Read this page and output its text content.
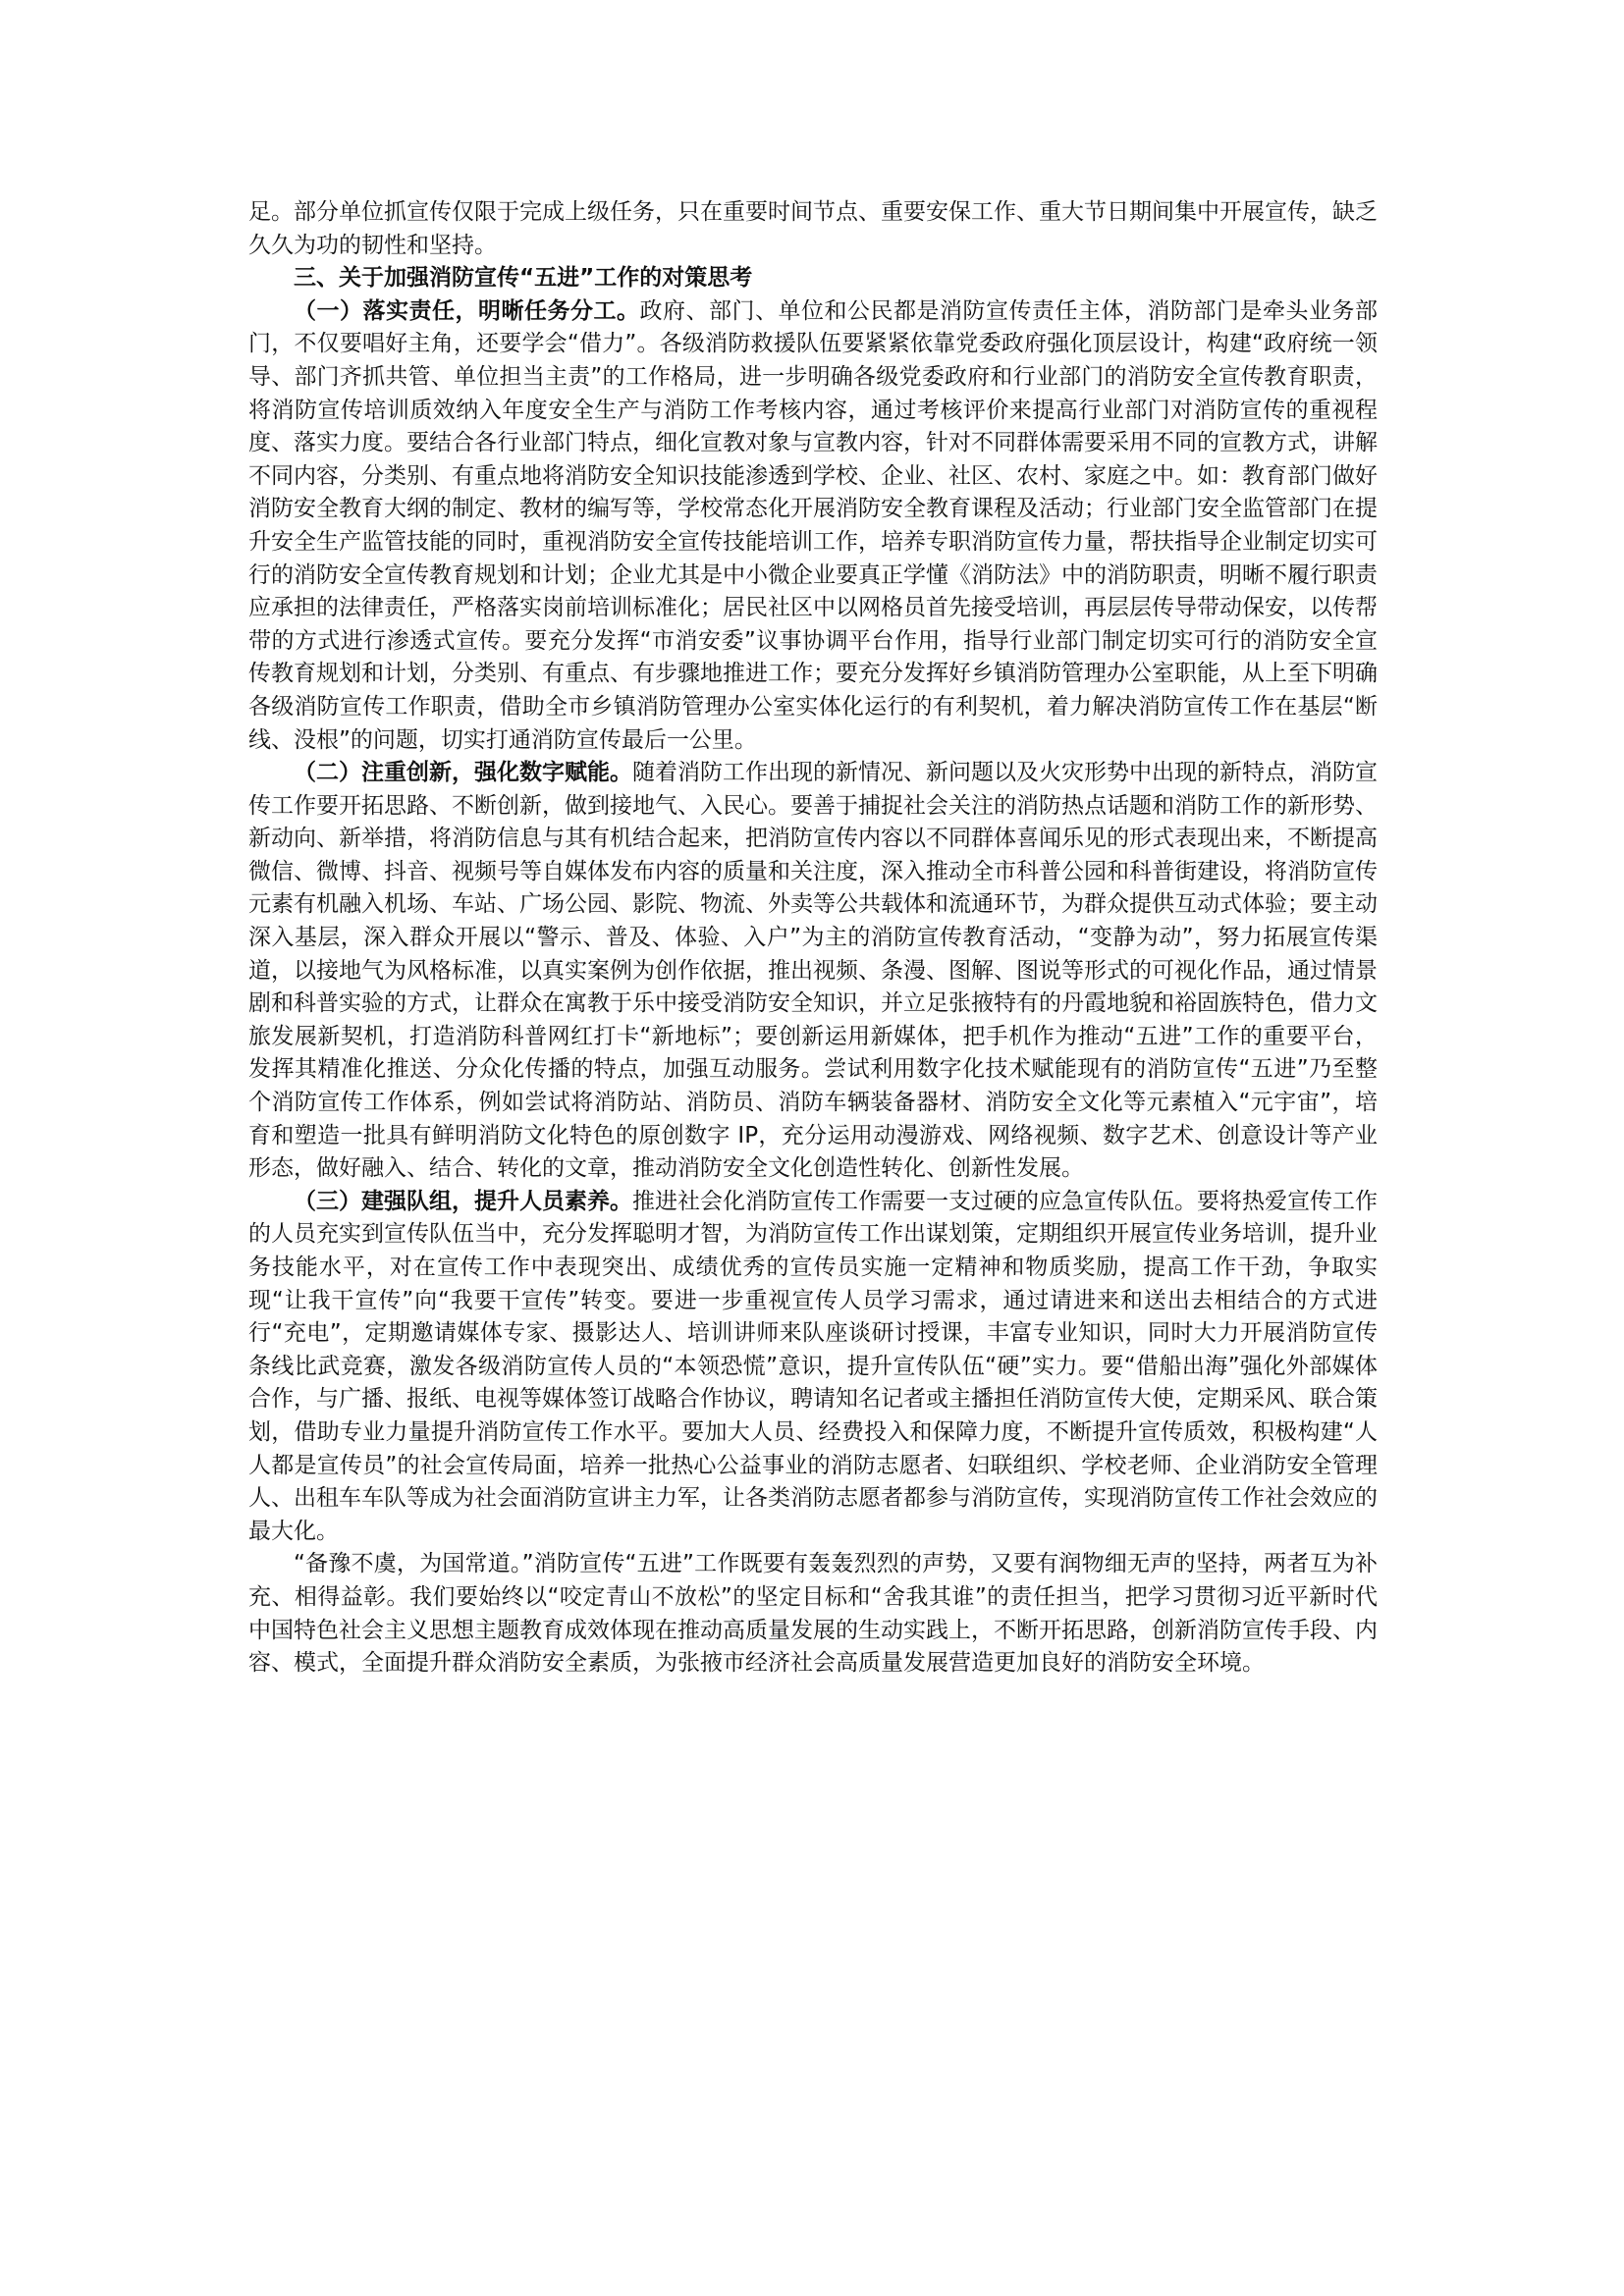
足。部分单位抓宣传仅限于完成上级任务，只在重要时间节点、重要安保工作、重大节日期间集中开展宣传，缺乏久久为功的韧性和坚持。

三、关于加强消防宣传“五进”工作的对策思考

（一）落实责任，明晰任务分工。政府、部门、单位和公民都是消防宣传责任主体，消防部门是牵头业务部门，不仅要唱好主角，还要学会“借力”。各级消防救援队伍要紧紧依靠党委政府强化顶层设计，构建“政府统一领导、部门齐抓共管、单位担当主责”的工作格局，进一步明确各级党委政府和行业部门的消防安全宣传教育职责，将消防宣传培训质效纳入年度安全生产与消防工作考核内容，通过考核评价来提高行业部门对消防宣传的重视程度、落实力度。要结合各行业部门特点，细化宣教对象与宣教内容，针对不同群体需要采用不同的宣教方式，讲解不同内容，分类别、有重点地将消防安全知识技能渗透到学校、企业、社区、农村、家庭之中。如：教育部门做好消防安全教育大纲的制定、教材的编写等，学校常态化开展消防安全教育课程及活动；行业部门安全监管部门在提升安全生产监管技能的同时，重视消防安全宣传技能培训工作，培养专职消防宣传力量，帮扶指导企业制定切实可行的消防安全宣传教育规划和计划；企业尤其是中小微企业要真正学懂《消防法》中的消防职责，明晰不履行职责应承担的法律责任，严格落实岗前培训标准化；居民社区中以网格员首先接受培训，再层层传导带动保安，以传帮带的方式进行渗透式宣传。要充分发挥“市消安委”议事协调平台作用，指导行业部门制定切实可行的消防安全宣传教育规划和计划，分类别、有重点、有步骤地推进工作；要充分发挥好乡镇消防管理办公室职能，从上至下明确各级消防宣传工作职责，借助全市乡镇消防管理办公室实体化运行的有利契机，着力解决消防宣传工作在基层“断线、没根”的问题，切实打通消防宣传最后一公里。

（二）注重创新，强化数字赋能。随着消防工作出现的新情况、新问题以及火灾形势中出现的新特点，消防宣传工作要开拓思路、不断创新，做到接地气、入民心。要善于捕捉社会关注的消防热点话题和消防工作的新形势、新动向、新举措，将消防信息与其有机结合起来，把消防宣传内容以不同群体喜闻乐见的形式表现出来，不断提高微信、微博、抖音、视频号等自媒体发布内容的质量和关注度，深入推动全市科普公园和科普街建设，将消防宣传元素有机融入机场、车站、广场公园、影院、物流、外卖等公共载体和流通环节，为群众提供互动式体验；要主动深入基层，深入群众开展以“警示、普及、体验、入户”为主的消防宣传教育活动，“变静为动”，努力拓展宣传渠道，以接地气为风格标准，以真实案例为创作依据，推出视频、条漫、图解、图说等形式的可视化作品，通过情景剧和科普实验的方式，让群众在寓教于乐中接受消防安全知识，并立足张掖特有的丹霞地貌和裕固族特色，借力文旅发展新契机，打造消防科普网红打卡“新地标”；要创新运用新媒体，把手机作为推动“五进”工作的重要平台，发挥其精准化推送、分众化传播的特点，加强互动服务。尝试利用数字化技术赋能现有的消防宣传“五进”乃至整个消防宣传工作体系，例如尝试将消防站、消防员、消防车辆装备器材、消防安全文化等元素植入“元宇宙”，培育和塑造一批具有鲜明消防文化特色的原创数字 IP，充分运用动漫游戏、网络视频、数字艺术、创意设计等产业形态，做好融入、结合、转化的文章，推动消防安全文化创造性转化、创新性发展。

（三）建强队组，提升人员素养。推进社会化消防宣传工作需要一支过硬的应急宣传队伍。要将热爱宣传工作的人员充实到宣传队伍当中，充分发挥聪明才智，为消防宣传工作出谋划策，定期组织开展宣传业务培训，提升业务技能水平，对在宣传工作中表现突出、成绩优秀的宣传员实施一定精神和物质奖励，提高工作干劲，争取实现“让我干宣传”向“我要干宣传”转变。要进一步重视宣传人员学习需求，通过请进来和送出去相结合的方式进行“充电”，定期邀请媒体专家、摄影达人、培训讲师来队座谈研讨授课，丰富专业知识，同时大力开展消防宣传条线比武竞赛，激发各级消防宣传人员的“本领恐慌”意识，提升宣传队伍“硬”实力。要“借船出海”强化外部媒体合作，与广播、报纸、电视等媒体签订战略合作协议，聘请知名记者或主播担任消防宣传大使，定期采风、联合策划，借助专业力量提升消防宣传工作水平。要加大人员、经费投入和保障力度，不断提升宣传质效，积极构建“人人都是宣传员”的社会宣传局面，培养一批热心公益事业的消防志愿者、妇联组织、学校老师、企业消防安全管理人、出租车车队等成为社会面消防宣讲主力军，让各类消防志愿者都参与消防宣传，实现消防宣传工作社会效应的最大化。

“备豫不虞，为国常道。”消防宣传“五进”工作既要有轰轰烈烈的声势，又要有润物细无声的坚持，两者互为补充、相得益彰。我们要始终以“咬定青山不放松”的坚定目标和“舍我其谁”的责任担当，把学习贯彻习近平新时代中国特色社会主义思想主题教育成效体现在推动高质量发展的生动实践上，不断开拓思路，创新消防宣传手段、内容、模式，全面提升群众消防安全素质，为张掖市经济社会高质量发展营造更加良好的消防安全环境。
